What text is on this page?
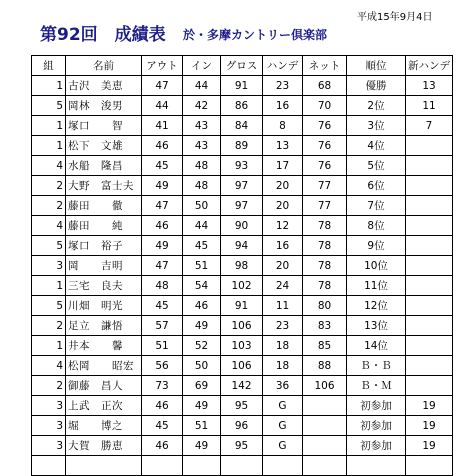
平成15年9月4日
第92回　成績表 於・多摩カントリー倶楽部
組	名前	アウト	イン	グロス	ハンデ	ネット	順位	新ハンデ
1	古沢　美恵	47	44	91	23	68	優勝	13
5	岡林　浚男	44	42	86	16	70	2位	11
1	塚口　　智	41	43	84	8	76	3位	7
1	松下　文雄	46	43	89	13	76	4位	
4	水船　隆昌	45	48	93	17	76	5位	
2	大野　富士夫	49	48	97	20	77	6位	
2	藤田　　徹	47	50	97	20	77	7位	
4	藤田　　純	46	44	90	12	78	8位	
5	塚口　裕子	49	45	94	16	78	9位	
3	岡　　吉明	47	51	98	20	78	10位	
1	三宅　良夫	48	54	102	24	78	11位	
5	川畑　明光	45	46	91	11	80	12位	
2	足立　謙悟	57	49	106	23	83	13位	
1	井本　　馨	51	52	103	18	85	14位	
4	松岡　　昭宏	56	50	106	18	88	Ｂ・Ｂ	
2	御藤　昌人	73	69	142	36	106	Ｂ・Ｍ	
3	上武　正次	46	49	95	G		初参加	19
3	堀　　博之	45	51	96	G		初参加	19
3	大賀　勝恵	46	49	95	G		初参加	19
